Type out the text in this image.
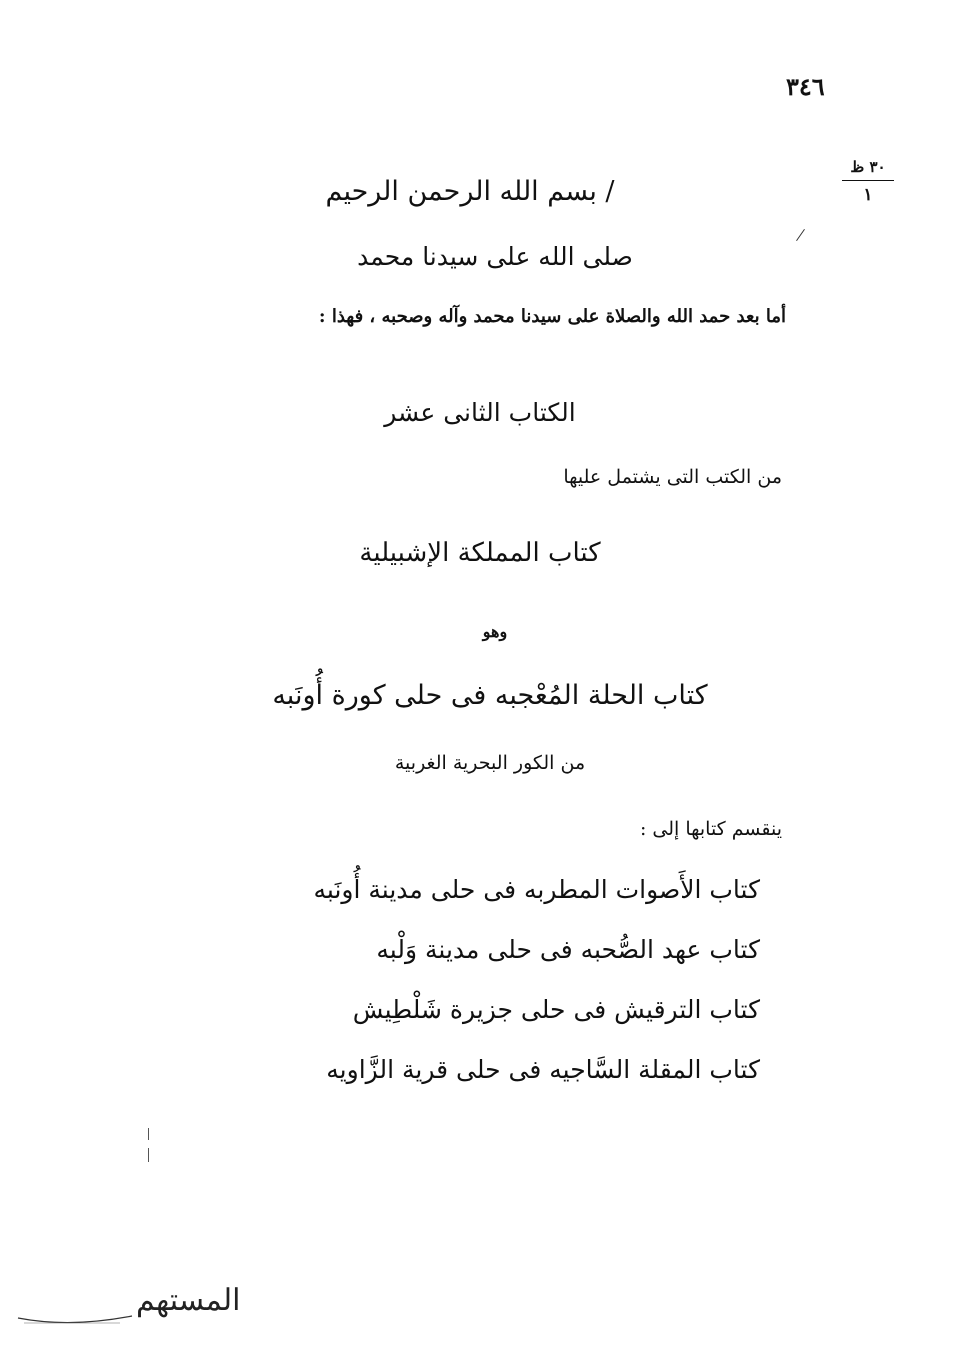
٣٤٦
٣٠ ظ
١
/ بسم الله الرحمن الرحيم
صلى الله على سيدنا محمد
أما بعد حمد الله والصلاة على سيدنا محمد وآله وصحبه ، فهذا :
الكتاب الثانى عشر
من الكتب التى يشتمل عليها
كتاب المملكة الإشبيلية
وهو
كتاب الحلة المُعْجبه فى حلى كورة أُونَبه
من الكور البحرية الغربية
ينقسم كتابها إلى :
كتاب الأَصوات المطربه فى حلى مدينة أُونَبه
كتاب عهد الصُّحبه فى حلى مدينة وَلْبه
كتاب الترقيش فى حلى جزيرة شَلْطِيش
كتاب المقلة السَّاجيه فى حلى قرية الزَّاويه
المستهم
